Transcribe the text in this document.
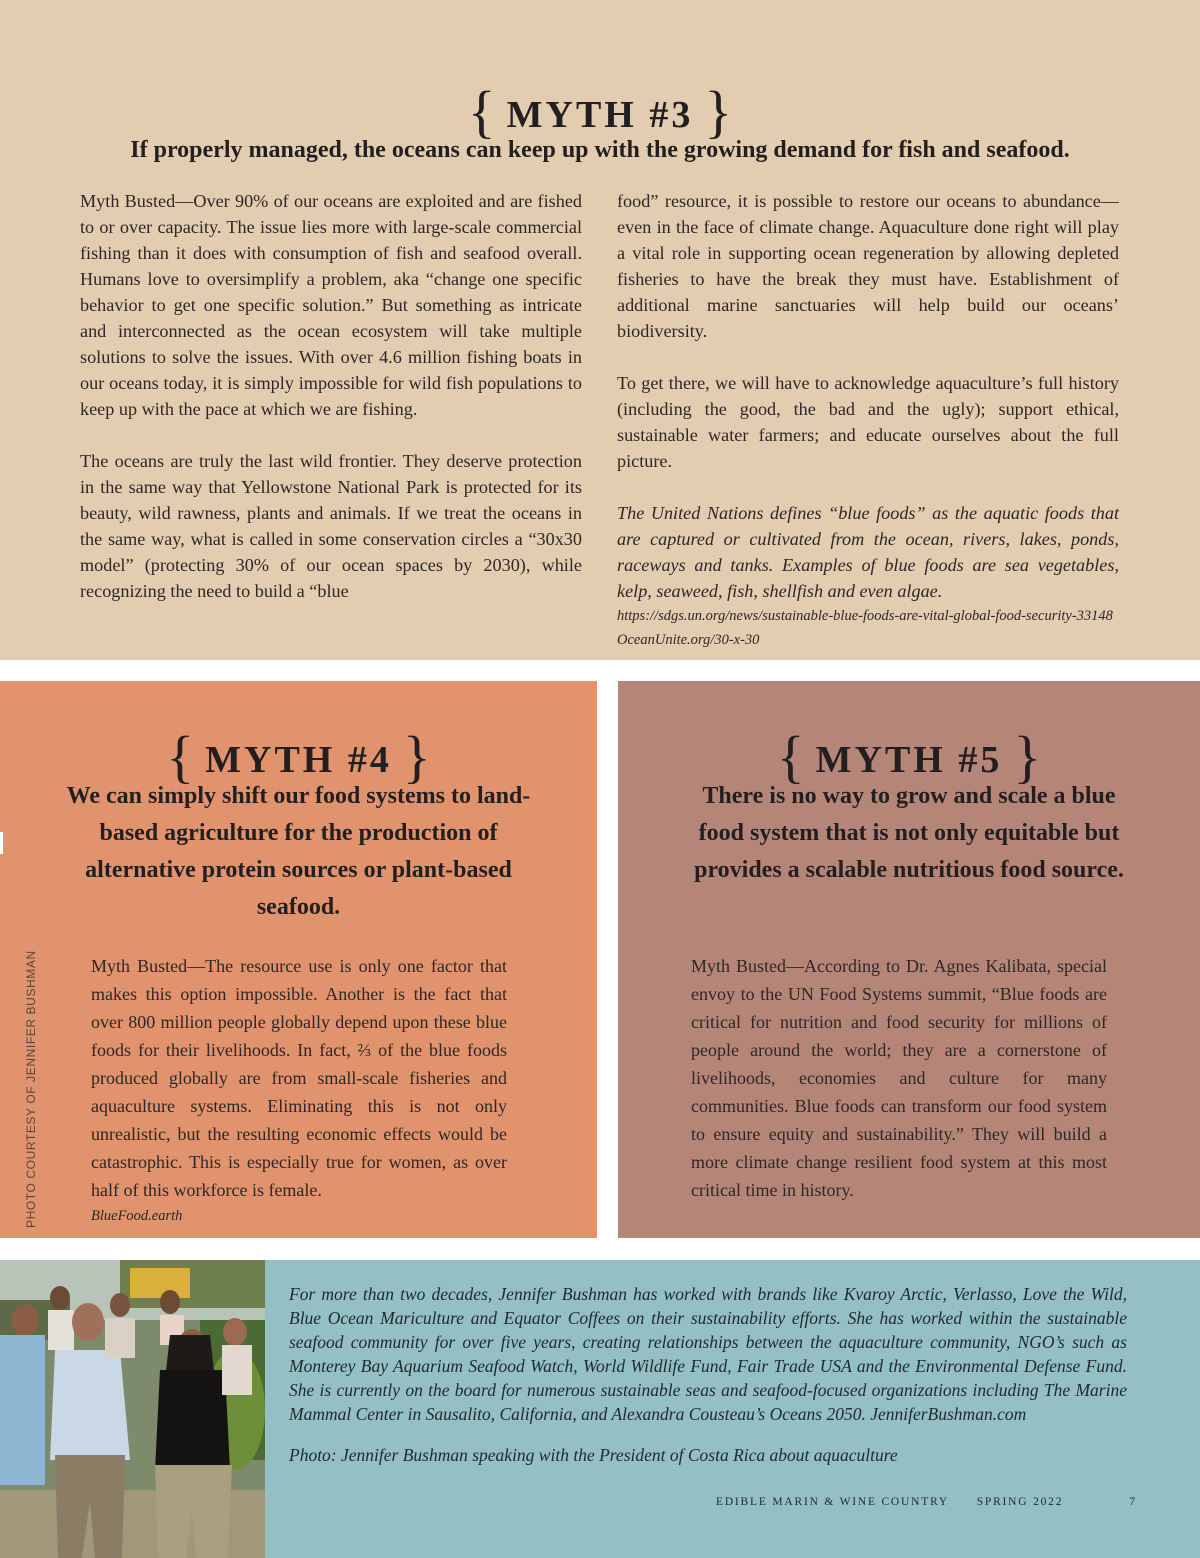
{ MYTH #3 }
If properly managed, the oceans can keep up with the growing demand for fish and seafood.

Myth Busted—Over 90% of our oceans are exploited and are fished to or over capacity. The issue lies more with large-scale commercial fishing than it does with consumption of fish and seafood overall. Humans love to oversimplify a problem, aka “change one specific behavior to get one specific solution.” But something as intricate and interconnected as the ocean ecosystem will take multiple solutions to solve the issues. With over 4.6 million fishing boats in our oceans today, it is simply impossible for wild fish populations to keep up with the pace at which we are fishing.

The oceans are truly the last wild frontier. They deserve protection in the same way that Yellowstone National Park is protected for its beauty, wild rawness, plants and animals. If we treat the oceans in the same way, what is called in some conservation circles a “30x30 model” (protecting 30% of our ocean spaces by 2030), while recognizing the need to build a “blue

food” resource, it is possible to restore our oceans to abundance—even in the face of climate change. Aquaculture done right will play a vital role in supporting ocean regeneration by allowing depleted fisheries to have the break they must have. Establishment of additional marine sanctuaries will help build our oceans’ biodiversity.

To get there, we will have to acknowledge aquaculture’s full history (including the good, the bad and the ugly); support ethical, sustainable water farmers; and educate ourselves about the full picture.

The United Nations defines “blue foods” as the aquatic foods that are captured or cultivated from the ocean, rivers, lakes, ponds, raceways and tanks. Examples of blue foods are sea vegetables, kelp, seaweed, fish, shellfish and even algae.

https://sdgs.un.org/news/sustainable-blue-foods-are-vital-global-food-security-33148
OceanUnite.org/30-x-30
{ MYTH #4 }
We can simply shift our food systems to land-based agriculture for the production of alternative protein sources or plant-based seafood.

Myth Busted—The resource use is only one factor that makes this option impossible. Another is the fact that over 800 million people globally depend upon these blue foods for their livelihoods. In fact, ⅔ of the blue foods produced globally are from small-scale fisheries and aquaculture systems. Eliminating this is not only unrealistic, but the resulting economic effects would be catastrophic. This is especially true for women, as over half of this workforce is female.

BlueFood.earth

PHOTO COURTESY OF JENNIFER BUSHMAN
{ MYTH #5 }
There is no way to grow and scale a blue food system that is not only equitable but provides a scalable nutritious food source.

Myth Busted—According to Dr. Agnes Kalibata, special envoy to the UN Food Systems summit, “Blue foods are critical for nutrition and food security for millions of people around the world; they are a cornerstone of livelihoods, economies and culture for many communities. Blue foods can transform our food system to ensure equity and sustainability.” They will build a more climate change resilient food system at this most critical time in history.

For more than two decades, Jennifer Bushman has worked with brands like Kvaroy Arctic, Verlasso, Love the Wild, Blue Ocean Mariculture and Equator Coffees on their sustainability efforts. She has worked within the sustainable seafood community for over five years, creating relationships between the aquaculture community, NGO’s such as Monterey Bay Aquarium Seafood Watch, World Wildlife Fund, Fair Trade USA and the Environmental Defense Fund. She is currently on the board for numerous sustainable seas and seafood-focused organizations including The Marine Mammal Center in Sausalito, California, and Alexandra Cousteau’s Oceans 2050. JenniferBushman.com

Photo: Jennifer Bushman speaking with the President of Costa Rica about aquaculture

EDIBLE MARIN & WINE COUNTRY SPRING 2022	7
